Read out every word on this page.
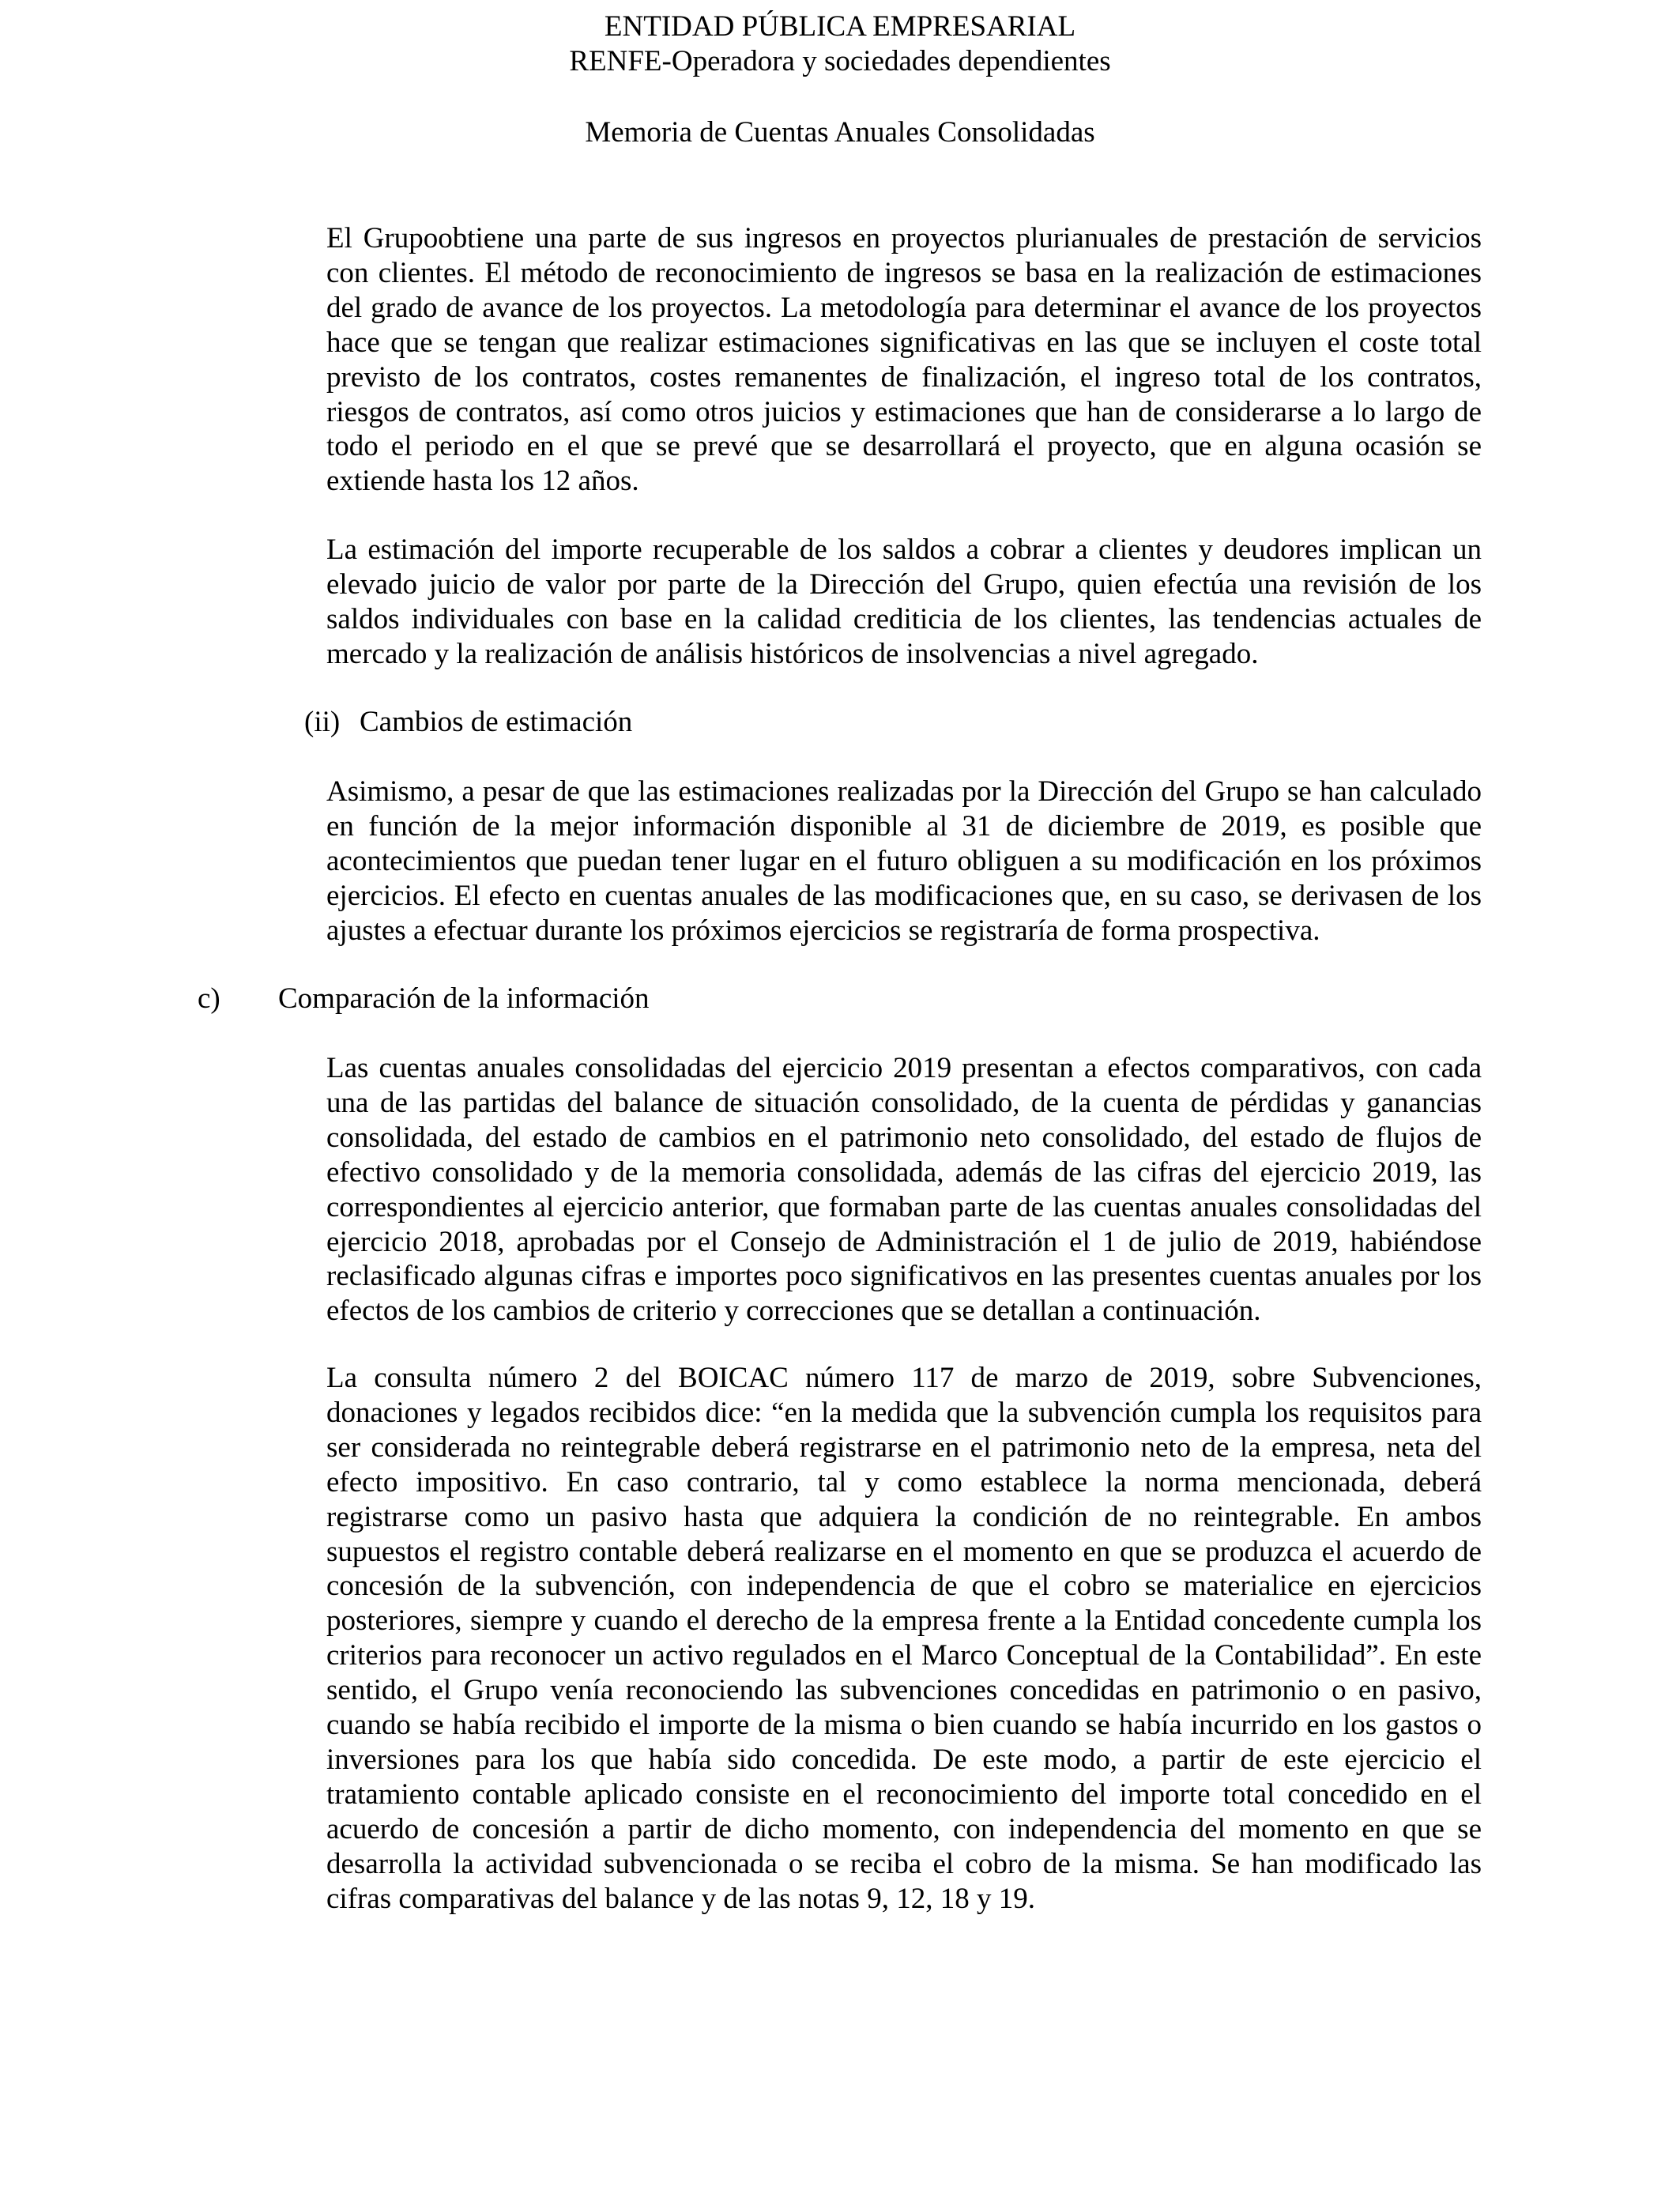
ENTIDAD PÚBLICA EMPRESARIAL
RENFE-Operadora y sociedades dependientes
Memoria de Cuentas Anuales Consolidadas

El Grupoobtiene una parte de sus ingresos en proyectos plurianuales de prestación de servicios con clientes. El método de reconocimiento de ingresos se basa en la realización de estimaciones del grado de avance de los proyectos. La metodología para determinar el avance de los proyectos hace que se tengan que realizar estimaciones significativas en las que se incluyen el coste total previsto de los contratos, costes remanentes de finalización, el ingreso total de los contratos, riesgos de contratos, así como otros juicios y estimaciones que han de considerarse a lo largo de todo el periodo en el que se prevé que se desarrollará el proyecto, que en alguna ocasión se extiende hasta los 12 años.

La estimación del importe recuperable de los saldos a cobrar a clientes y deudores implican un elevado juicio de valor por parte de la Dirección del Grupo, quien efectúa una revisión de los saldos individuales con base en la calidad crediticia de los clientes, las tendencias actuales de mercado y la realización de análisis históricos de insolvencias a nivel agregado.

(ii) Cambios de estimación

Asimismo, a pesar de que las estimaciones realizadas por la Dirección del Grupo se han calculado en función de la mejor información disponible al 31 de diciembre de 2019, es posible que acontecimientos que puedan tener lugar en el futuro obliguen a su modificación en los próximos ejercicios. El efecto en cuentas anuales de las modificaciones que, en su caso, se derivasen de los ajustes a efectuar durante los próximos ejercicios se registraría de forma prospectiva.

c) Comparación de la información

Las cuentas anuales consolidadas del ejercicio 2019 presentan a efectos comparativos, con cada una de las partidas del balance de situación consolidado, de la cuenta de pérdidas y ganancias consolidada, del estado de cambios en el patrimonio neto consolidado, del estado de flujos de efectivo consolidado y de la memoria consolidada, además de las cifras del ejercicio 2019, las correspondientes al ejercicio anterior, que formaban parte de las cuentas anuales consolidadas del ejercicio 2018, aprobadas por el Consejo de Administración el 1 de julio de 2019, habiéndose reclasificado algunas cifras e importes poco significativos en las presentes cuentas anuales por los efectos de los cambios de criterio y correcciones que se detallan a continuación.

La consulta número 2 del BOICAC número 117 de marzo de 2019, sobre Subvenciones, donaciones y legados recibidos dice: “en la medida que la subvención cumpla los requisitos para ser considerada no reintegrable deberá registrarse en el patrimonio neto de la empresa, neta del efecto impositivo. En caso contrario, tal y como establece la norma mencionada, deberá registrarse como un pasivo hasta que adquiera la condición de no reintegrable. En ambos supuestos el registro contable deberá realizarse en el momento en que se produzca el acuerdo de concesión de la subvención, con independencia de que el cobro se materialice en ejercicios posteriores, siempre y cuando el derecho de la empresa frente a la Entidad concedente cumpla los criterios para reconocer un activo regulados en el Marco Conceptual de la Contabilidad”. En este sentido, el Grupo venía reconociendo las subvenciones concedidas en patrimonio o en pasivo, cuando se había recibido el importe de la misma o bien cuando se había incurrido en los gastos o inversiones para los que había sido concedida. De este modo, a partir de este ejercicio el tratamiento contable aplicado consiste en el reconocimiento del importe total concedido en el acuerdo de concesión a partir de dicho momento, con independencia del momento en que se desarrolla la actividad subvencionada o se reciba el cobro de la misma. Se han modificado las cifras comparativas del balance y de las notas 9, 12, 18 y 19.
